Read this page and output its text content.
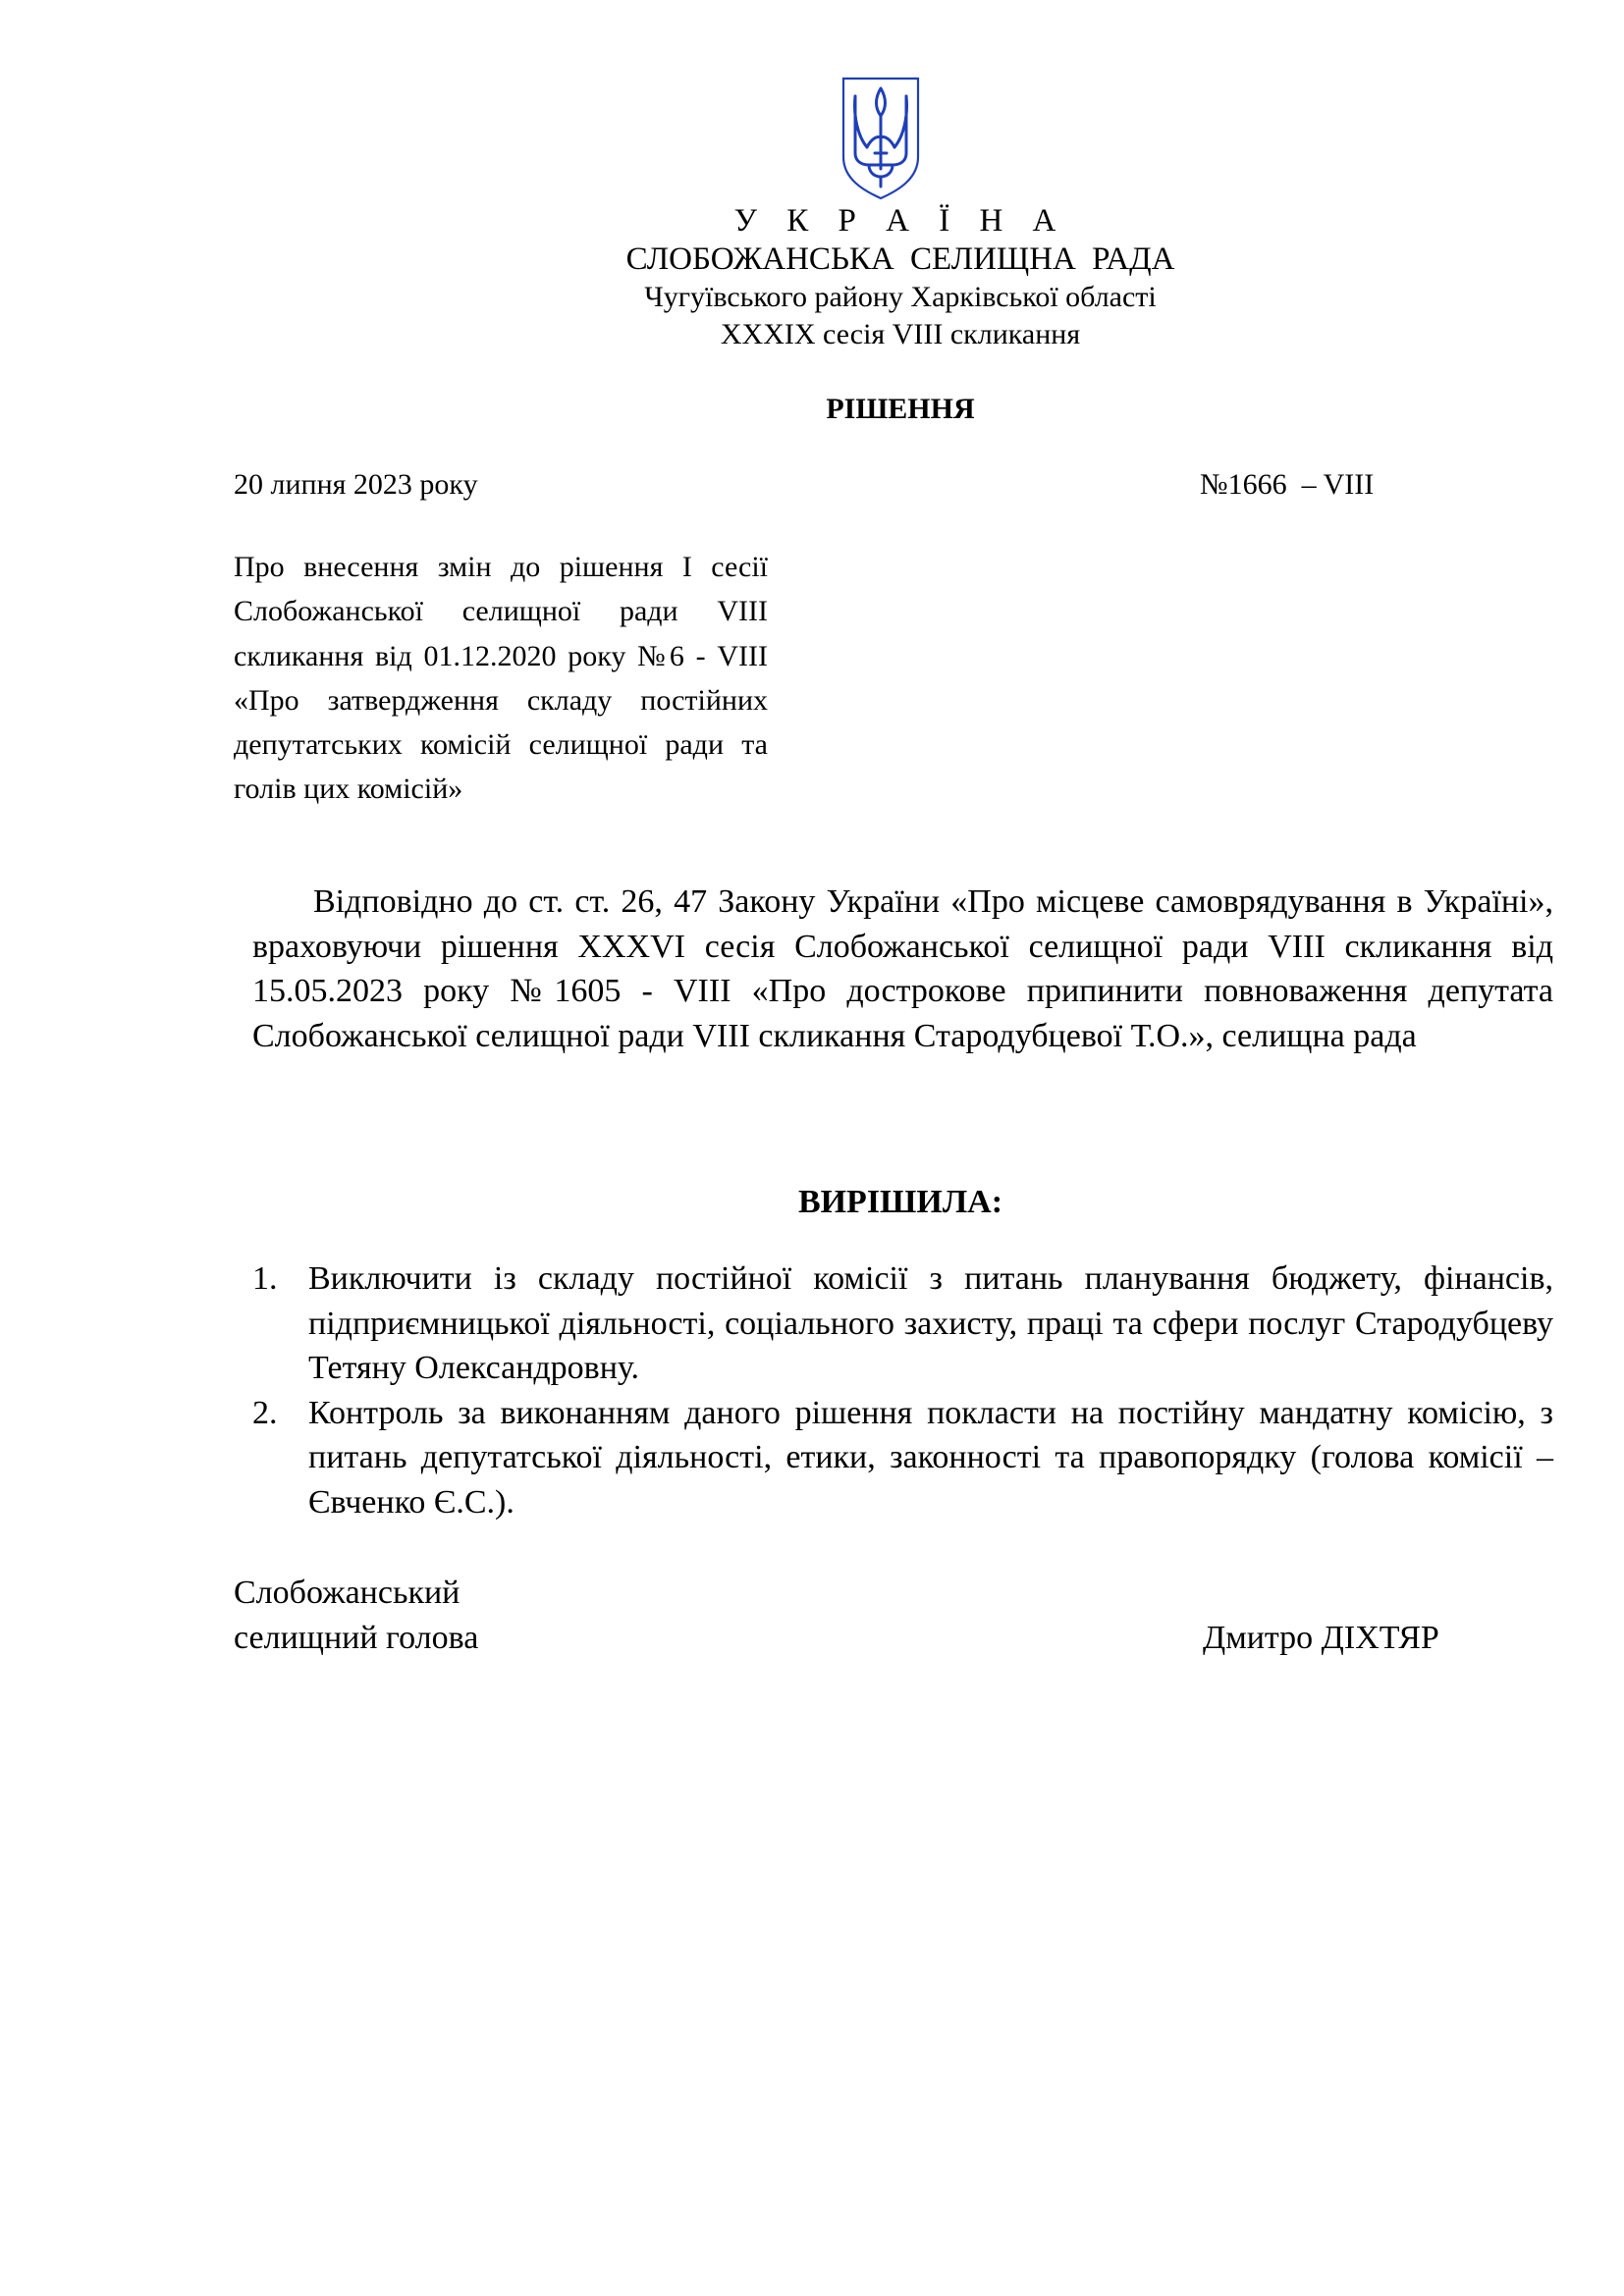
У К Р А Ї Н А
СЛОБОЖАНСЬКА СЕЛИЩНА РАДА
Чугуївського району Харківської області
XXXIX сесія VIII скликання
РІШЕННЯ
20 липня 2023 року	№1666  – VIII
Про внесення змін до рішення І сесії Слобожанської селищної ради VIII скликання від 01.12.2020 року №6 - VIII «Про затвердження складу постійних депутатських комісій селищної ради та голів цих комісій»
Відповідно до ст. ст. 26, 47 Закону України «Про місцеве самоврядування в Україні», враховуючи рішення XXXVI сесія Слобожанської селищної ради VIII скликання від 15.05.2023 року №1605 - VIII «Про дострокове припинити повноваження депутата Слобожанської селищної ради VIII скликання Стародубцевої Т.О.», селищна рада
ВИРІШИЛА:
1. Виключити із складу постійної комісії з питань планування бюджету, фінансів, підприємницької діяльності, соціального захисту, праці та сфери послуг Стародубцеву Тетяну Олександровну.
2. Контроль за виконанням даного рішення покласти на постійну мандатну комісію, з питань депутатської діяльності, етики, законності та правопорядку (голова комісії – Євченко Є.С.).
Слобожанський
селищний голова	Дмитро ДІХТЯР
